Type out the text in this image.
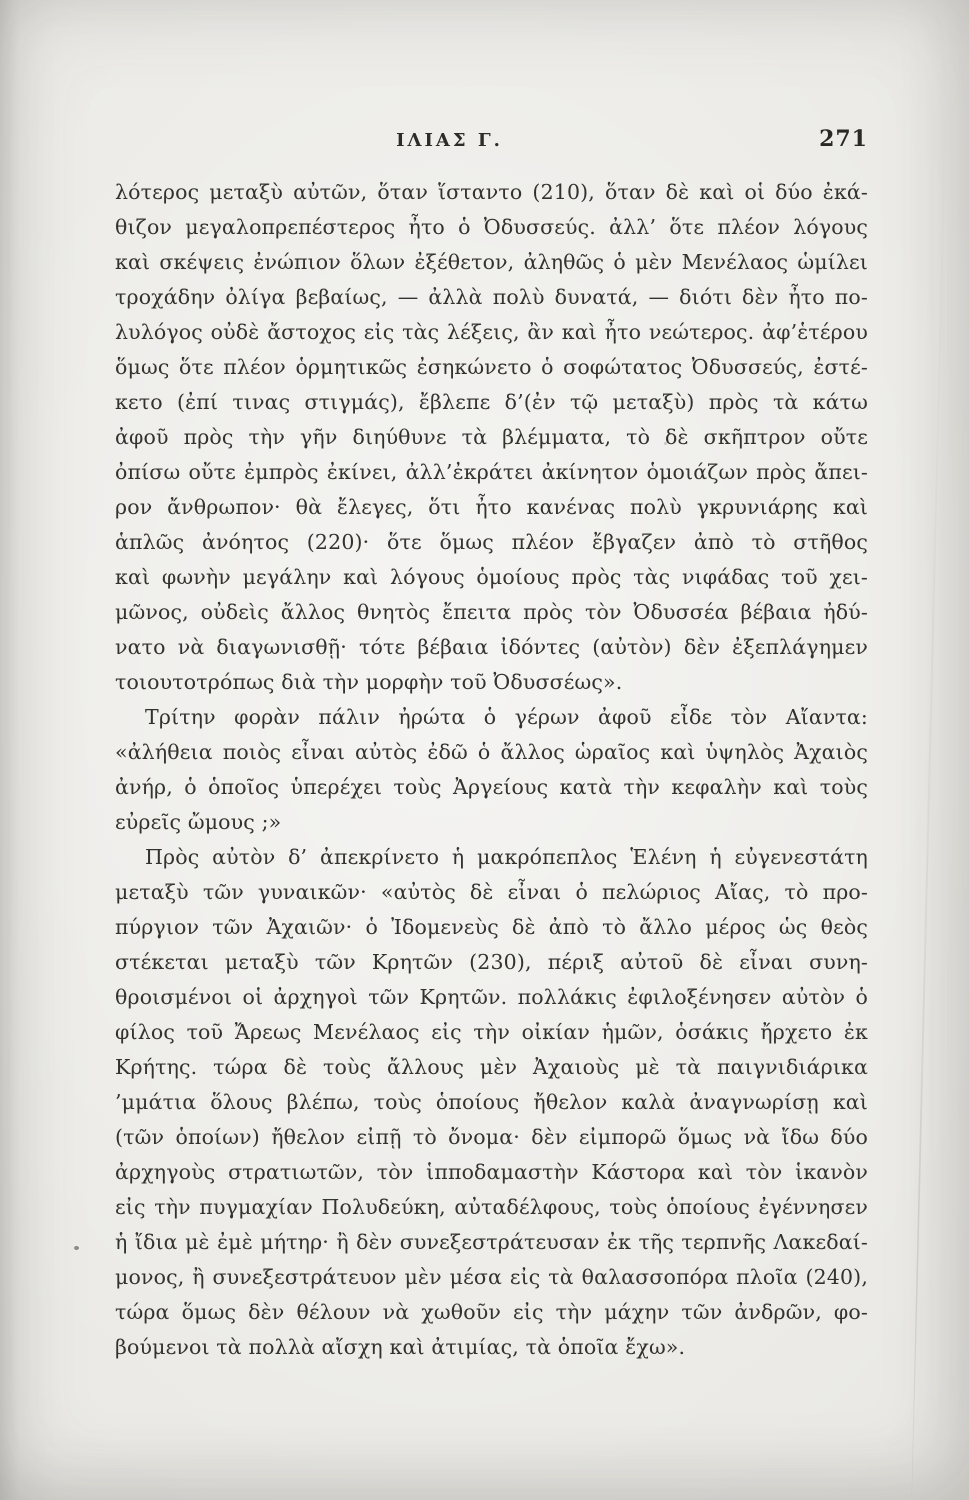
ΙΛΙΑΣ Γ.	271

λότερος μεταξὺ αὐτῶν, ὅταν ἵσταντο (210), ὅταν δὲ καὶ οἱ δύο ἐκά-
θιζον μεγαλοπρεπέστερος ἦτο ὁ Ὀδυσσεύς. ἀλλ’ ὅτε πλέον λόγους
καὶ σκέψεις ἐνώπιον ὅλων ἐξέθετον, ἀληθῶς ὁ μὲν Μενέλαος ὡμίλει
τροχάδην ὀλίγα βεβαίως, — ἀλλὰ πολὺ δυνατά, — διότι δὲν ἦτο πο-
λυλόγος οὐδὲ ἄστοχος εἰς τὰς λέξεις, ἂν καὶ ἦτο νεώτερος. ἀφ’ἑτέρου
ὅμως ὅτε πλέον ὁρμητικῶς ἐσηκώνετο ὁ σοφώτατος Ὀδυσσεύς, ἐστέ-
κετο (ἐπί τινας στιγμάς), ἔβλεπε δ’(ἐν τῷ μεταξὺ) πρὸς τὰ κάτω
ἀφοῦ πρὸς τὴν γῆν διηύθυνε τὰ βλέμματα, τὸ δὲ σκῆπτρον οὔτε
ὀπίσω οὔτε ἐμπρὸς ἐκίνει, ἀλλ’ἐκράτει ἀκίνητον ὁμοιάζων πρὸς ἄπει-
ρον ἄνθρωπον· θὰ ἔλεγες, ὅτι ἦτο κανένας πολὺ γκρυνιάρης καὶ
ἁπλῶς ἀνόητος (220)· ὅτε ὅμως πλέον ἔβγαζεν ἀπὸ τὸ στῆθος
καὶ φωνὴν μεγάλην καὶ λόγους ὁμοίους πρὸς τὰς νιφάδας τοῦ χει-
μῶνος, οὐδεὶς ἄλλος θνητὸς ἔπειτα πρὸς τὸν Ὀδυσσέα βέβαια ἠδύ-
νατο νὰ διαγωνισθῇ· τότε βέβαια ἰδόντες (αὐτὸν) δὲν ἐξεπλάγημεν
τοιουτοτρόπως διὰ τὴν μορφὴν τοῦ Ὀδυσσέως».

Τρίτην φορὰν πάλιν ἠρώτα ὁ γέρων ἀφοῦ εἶδε τὸν Αἴαντα:
«ἀλήθεια ποιὸς εἶναι αὐτὸς ἐδῶ ὁ ἄλλος ὡραῖος καὶ ὑψηλὸς Ἀχαιὸς
ἀνήρ, ὁ ὁποῖος ὑπερέχει τοὺς Ἀργείους κατὰ τὴν κεφαλὴν καὶ τοὺς
εὐρεῖς ὤμους ;»

Πρὸς αὐτὸν δ’ ἀπεκρίνετο ἡ μακρόπεπλος Ἑλένη ἡ εὐγενεστάτη
μεταξὺ τῶν γυναικῶν· «αὐτὸς δὲ εἶναι ὁ πελώριος Αἴας, τὸ προ-
πύργιον τῶν Ἀχαιῶν· ὁ Ἰδομενεὺς δὲ ἀπὸ τὸ ἄλλο μέρος ὡς θεὸς
στέκεται μεταξὺ τῶν Κρητῶν (230), πέριξ αὐτοῦ δὲ εἶναι συνη-
θροισμένοι οἱ ἀρχηγοὶ τῶν Κρητῶν. πολλάκις ἐφιλοξένησεν αὐτὸν ὁ
φίλος τοῦ Ἄρεως Μενέλαος εἰς τὴν οἰκίαν ἡμῶν, ὁσάκις ἤρχετο ἐκ
Κρήτης. τώρα δὲ τοὺς ἄλλους μὲν Ἀχαιοὺς μὲ τὰ παιγνιδιάρικα
’μμάτια ὅλους βλέπω, τοὺς ὁποίους ἤθελον καλὰ ἀναγνωρίσῃ καὶ
(τῶν ὁποίων) ἤθελον εἰπῇ τὸ ὄνομα· δὲν εἰμπορῶ ὅμως νὰ ἴδω δύο
ἀρχηγοὺς στρατιωτῶν, τὸν ἱπποδαμαστὴν Κάστορα καὶ τὸν ἱκανὸν
εἰς τὴν πυγμαχίαν Πολυδεύκη, αὐταδέλφους, τοὺς ὁποίους ἐγέννησεν
ἡ ἴδια μὲ ἐμὲ μήτηρ· ἢ δὲν συνεξεστράτευσαν ἐκ τῆς τερπνῆς Λακεδαί-
μονος, ἢ συνεξεστράτευον μὲν μέσα εἰς τὰ θαλασσοπόρα πλοῖα (240),
τώρα ὅμως δὲν θέλουν νὰ χωθοῦν εἰς τὴν μάχην τῶν ἀνδρῶν, φο-
βούμενοι τὰ πολλὰ αἴσχη καὶ ἀτιμίας, τὰ ὁποῖα ἔχω».
